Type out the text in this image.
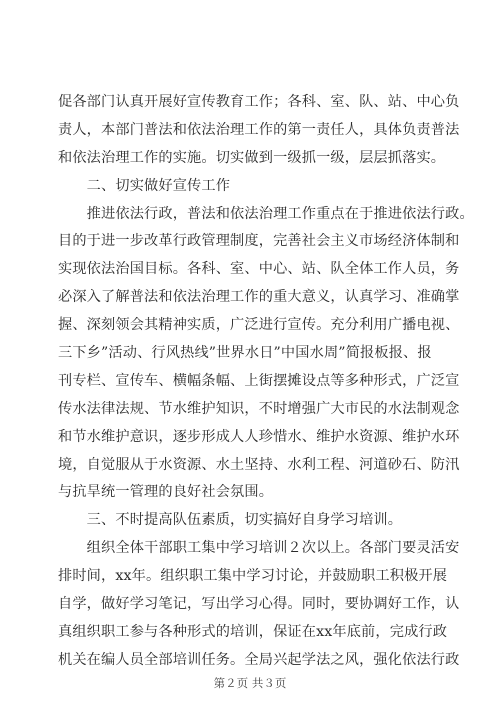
促各部门认真开展好宣传教育工作；各科、室、队、站、中心负
责人，本部门普法和依法治理工作的第一责任人，具体负责普法
和依法治理工作的实施。切实做到一级抓一级，层层抓落实。
　　二、切实做好宣传工作
　　推进依法行政，普法和依法治理工作重点在于推进依法行政。
目的于进一步改革行政管理制度，完善社会主义市场经济体制和
实现依法治国目标。各科、室、中心、站、队全体工作人员，务
必深入了解普法和依法治理工作的重大意义，认真学习、准确掌
握、深刻领会其精神实质，广泛进行宣传。充分利用广播电视、
三下乡”活动、行风热线”世界水日”中国水周”简报板报、报
刊专栏、宣传车、横幅条幅、上街摆摊设点等多种形式，广泛宣
传水法律法规、节水维护知识，不时增强广大市民的水法制观念
和节水维护意识，逐步形成人人珍惜水、维护水资源、维护水环
境，自觉服从于水资源、水土坚持、水利工程、河道砂石、防汛
与抗旱统一管理的良好社会氛围。
　　三、不时提高队伍素质，切实搞好自身学习培训。
　　组织全体干部职工集中学习培训２次以上。各部门要灵活安
排时间，xx年。组织职工集中学习讨论，并鼓励职工积极开展
自学，做好学习笔记，写出学习心得。同时，要协调好工作，认
真组织职工参与各种形式的培训，保证在xx年底前，完成行政
机关在编人员全部培训任务。全局兴起学法之风，强化依法行政
第２页 共３页
